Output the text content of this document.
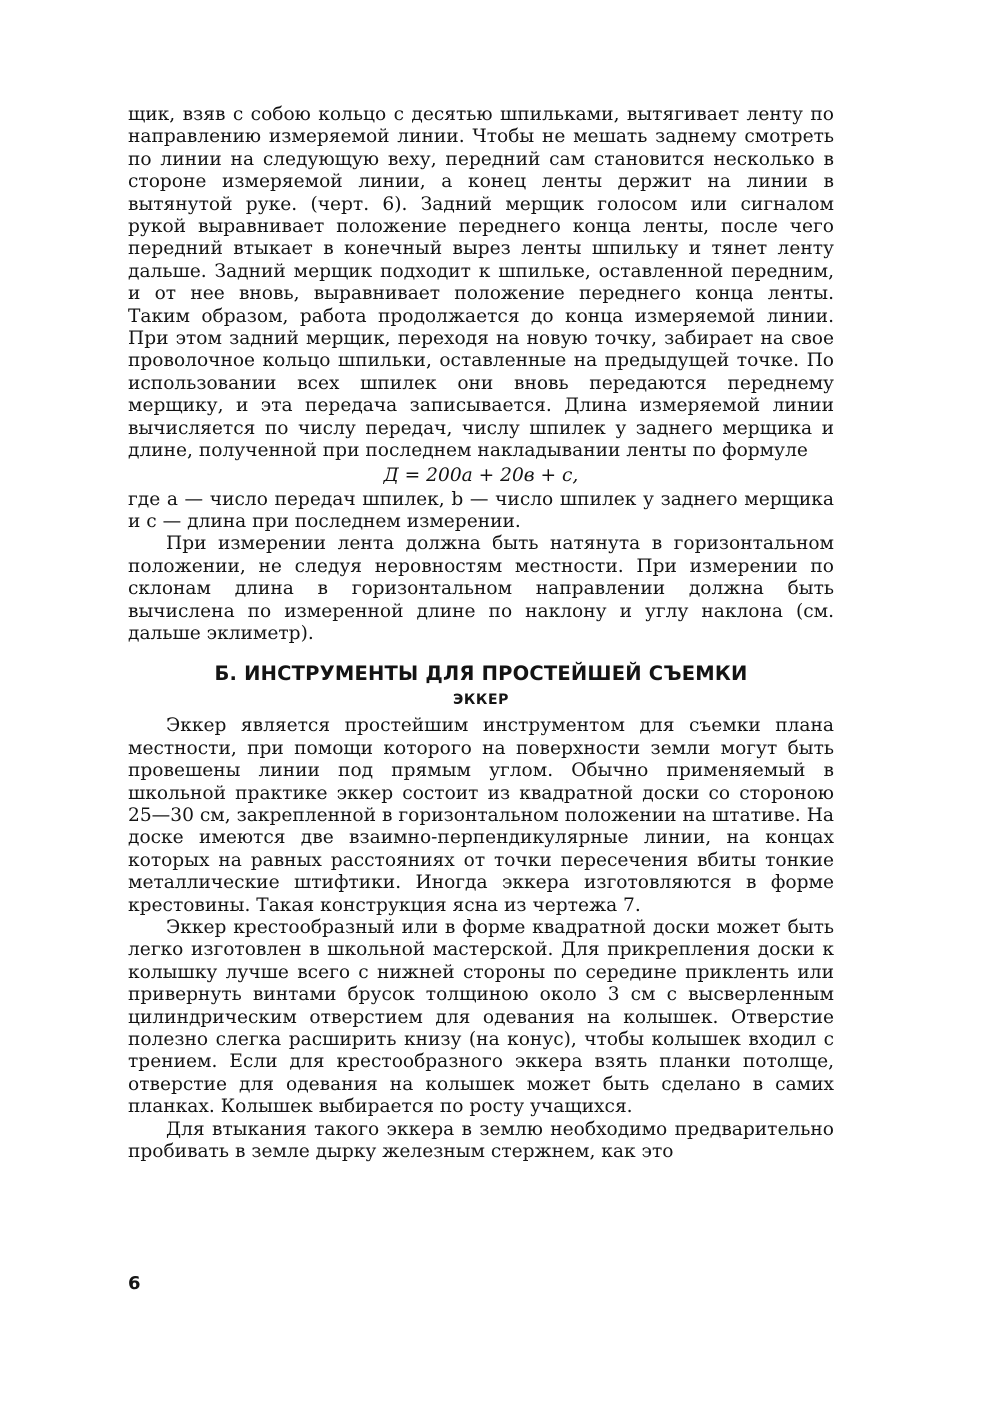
щик, взяв с собою кольцо с десятью шпильками, вытягивает ленту по направлению измеряемой линии. Чтобы не мешать заднему смотреть по линии на следующую веху, передний сам становится несколько в стороне измеряемой линии, а конец ленты держит на линии в вытянутой руке. (черт. 6). Задний мерщик голосом или сигналом рукой выравнивает положение переднего конца ленты, после чего передний втыкает в конечный вырез ленты шпильку и тянет ленту дальше. Задний мерщик подходит к шпильке, оставленной передним, и от нее вновь, выравнивает положение переднего конца ленты. Таким образом, работа продолжается до конца измеряемой линии. При этом задний мерщик, переходя на новую точку, забирает на свое проволочное кольцо шпильки, оставленные на предыдущей точке. По использовании всех шпилек они вновь передаются переднему мерщику, и эта передача записывается. Длина измеряемой линии вычисляется по числу передач, числу шпилек у заднего мерщика и длине, полученной при последнем накладывании ленты по формуле

Д = 200a + 20в + c,

где a — число передач шпилек, b — число шпилек у заднего мерщика и c — длина при последнем измерении.

При измерении лента должна быть натянута в горизонтальном положении, не следуя неровностям местности. При измерении по склонам длина в горизонтальном направлении должна быть вычислена по измеренной длине по наклону и углу наклона (см. дальше эклиметр).

Б. ИНСТРУМЕНТЫ ДЛЯ ПРОСТЕЙШЕЙ СЪЕМКИ
ЭККЕР

Эккер является простейшим инструментом для съемки плана местности, при помощи которого на поверхности земли могут быть провешены линии под прямым углом. Обычно применяемый в школьной практике эккер состоит из квадратной доски со стороною 25—30 см, закрепленной в горизонтальном положении на штативе. На доске имеются две взаимно-перпендикулярные линии, на концах которых на равных расстояниях от точки пересечения вбиты тонкие металлические штифтики. Иногда эккера изготовляются в форме крестовины. Такая конструкция ясна из чертежа 7.

Эккер крестообразный или в форме квадратной доски может быть легко изготовлен в школьной мастерской. Для прикрепления доски к колышку лучше всего с нижней стороны по середине прикленть или привернуть винтами брусок толщиною около 3 см с высверленным цилиндрическим отверстием для одевания на колышек. Отверстие полезно слегка расширить книзу (на конус), чтобы колышек входил с трением. Если для крестообразного эккера взять планки потолще, отверстие для одевания на колышек может быть сделано в самих планках. Колышек выбирается по росту учащихся.

Для втыкания такого эккера в землю необходимо предварительно пробивать в земле дырку железным стержнем, как это

6
